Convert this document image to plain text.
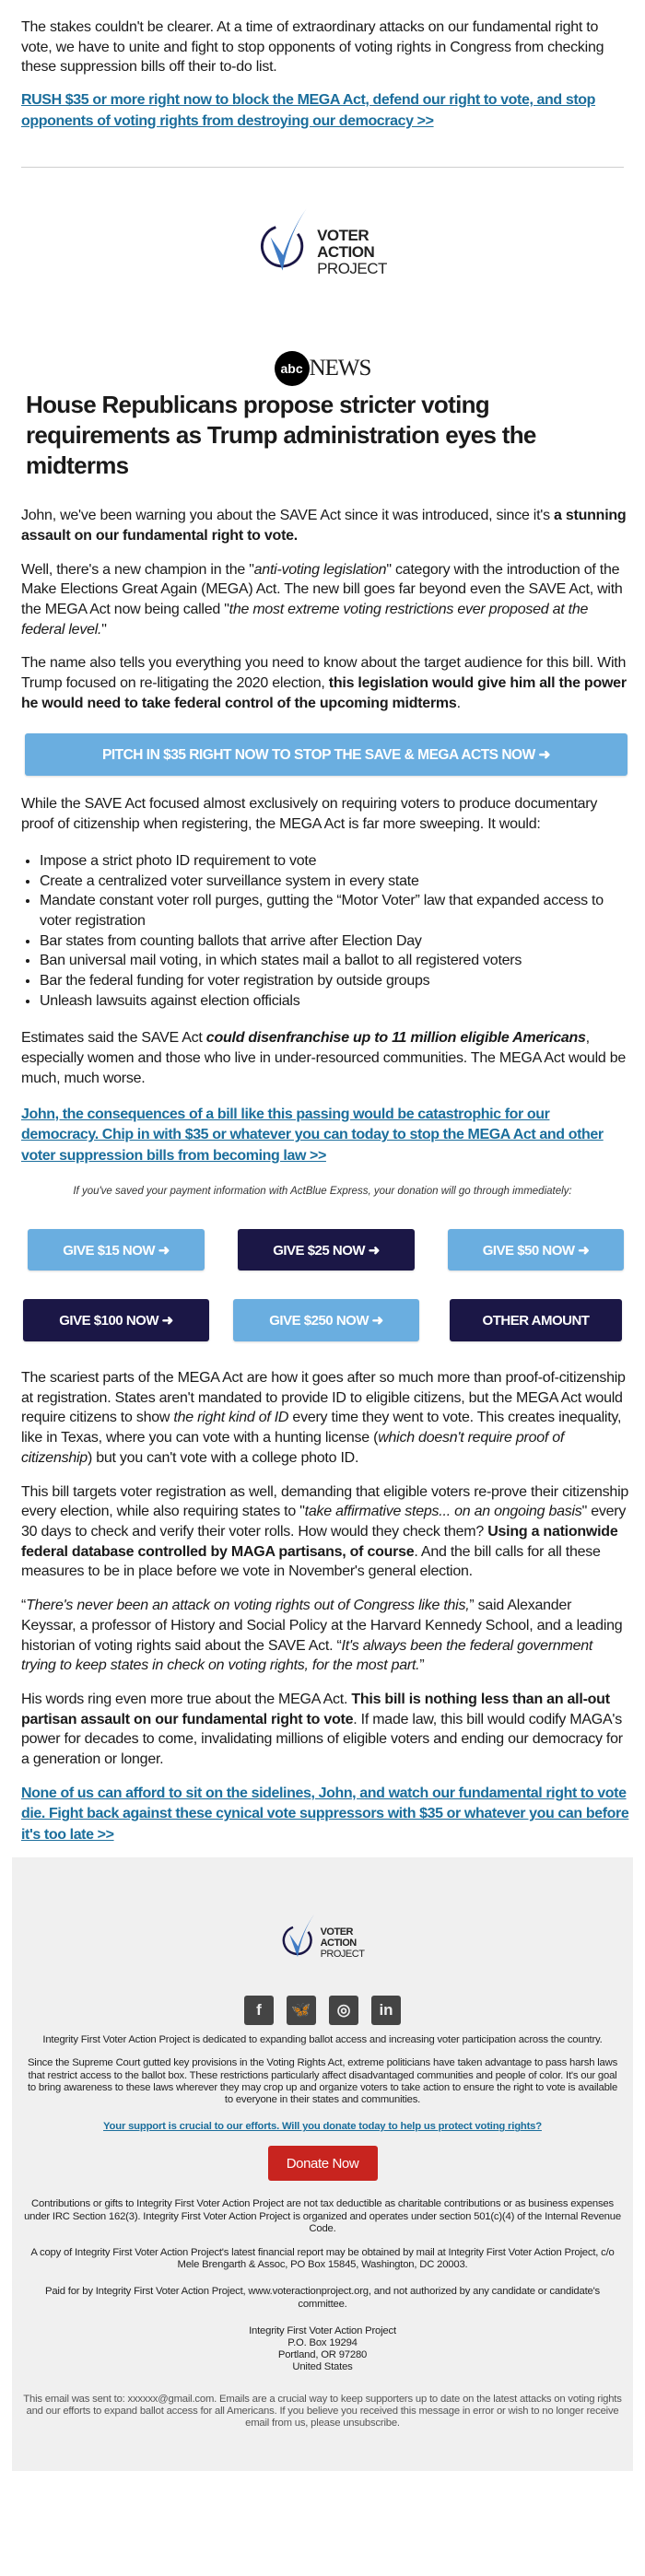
The stakes couldn't be clearer. At a time of extraordinary attacks on our fundamental right to vote, we have to unite and fight to stop opponents of voting rights in Congress from checking these suppression bills off their to-do list.

RUSH $35 or more right now to block the MEGA Act, defend our right to vote, and stop opponents of voting rights from destroying our democracy >>

VOTER
ACTION
PROJECT
abc NEWS
House Republicans propose stricter voting requirements as Trump administration eyes the midterms

John, we've been warning you about the SAVE Act since it was introduced, since it's a stunning assault on our fundamental right to vote.

Well, there's a new champion in the "anti-voting legislation" category with the introduction of the Make Elections Great Again (MEGA) Act. The new bill goes far beyond even the SAVE Act, with the MEGA Act now being called "the most extreme voting restrictions ever proposed at the federal level."

The name also tells you everything you need to know about the target audience for this bill. With Trump focused on re-litigating the 2020 election, this legislation would give him all the power he would need to take federal control of the upcoming midterms.

PITCH IN $35 RIGHT NOW TO STOP THE SAVE & MEGA ACTS NOW ➜

While the SAVE Act focused almost exclusively on requiring voters to produce documentary proof of citizenship when registering, the MEGA Act is far more sweeping. It would:

• Impose a strict photo ID requirement to vote
• Create a centralized voter surveillance system in every state
• Mandate constant voter roll purges, gutting the “Motor Voter” law that expanded access to voter registration
• Bar states from counting ballots that arrive after Election Day
• Ban universal mail voting, in which states mail a ballot to all registered voters
• Bar the federal funding for voter registration by outside groups
• Unleash lawsuits against election officials

Estimates said the SAVE Act could disenfranchise up to 11 million eligible Americans, especially women and those who live in under-resourced communities. The MEGA Act would be much, much worse.

John, the consequences of a bill like this passing would be catastrophic for our democracy. Chip in with $35 or whatever you can today to stop the MEGA Act and other voter suppression bills from becoming law >>

If you've saved your payment information with ActBlue Express, your donation will go through immediately:

GIVE $15 NOW ➜	GIVE $25 NOW ➜	GIVE $50 NOW ➜
GIVE $100 NOW ➜	GIVE $250 NOW ➜	OTHER AMOUNT

The scariest parts of the MEGA Act are how it goes after so much more than proof-of-citizenship at registration. States aren't mandated to provide ID to eligible citizens, but the MEGA Act would require citizens to show the right kind of ID every time they went to vote. This creates inequality, like in Texas, where you can vote with a hunting license (which doesn't require proof of citizenship) but you can't vote with a college photo ID.

This bill targets voter registration as well, demanding that eligible voters re-prove their citizenship every election, while also requiring states to "take affirmative steps... on an ongoing basis" every 30 days to check and verify their voter rolls. How would they check them? Using a nationwide federal database controlled by MAGA partisans, of course. And the bill calls for all these measures to be in place before we vote in November's general election.

“There's never been an attack on voting rights out of Congress like this,” said Alexander Keyssar, a professor of History and Social Policy at the Harvard Kennedy School, and a leading historian of voting rights said about the SAVE Act. “It's always been the federal government trying to keep states in check on voting rights, for the most part.”

His words ring even more true about the MEGA Act. This bill is nothing less than an all-out partisan assault on our fundamental right to vote. If made law, this bill would codify MAGA's power for decades to come, invalidating millions of eligible voters and ending our democracy for a generation or longer.

None of us can afford to sit on the sidelines, John, and watch our fundamental right to vote die. Fight back against these cynical vote suppressors with $35 or whatever you can before it's too late >>

VOTER
ACTION
PROJECT
f	🦋	◎	in

Integrity First Voter Action Project is dedicated to expanding ballot access and increasing voter participation across the country.

Since the Supreme Court gutted key provisions in the Voting Rights Act, extreme politicians have taken advantage to pass harsh laws that restrict access to the ballot box. These restrictions particularly affect disadvantaged communities and people of color. It's our goal to bring awareness to these laws wherever they may crop up and organize voters to take action to ensure the right to vote is available to everyone in their states and communities.

Your support is crucial to our efforts. Will you donate today to help us protect voting rights?

Donate Now

Contributions or gifts to Integrity First Voter Action Project are not tax deductible as charitable contributions or as business expenses under IRC Section 162(3). Integrity First Voter Action Project is organized and operates under section 501(c)(4) of the Internal Revenue Code.

A copy of Integrity First Voter Action Project's latest financial report may be obtained by mail at Integrity First Voter Action Project, c/o Mele Brengarth & Assoc, PO Box 15845, Washington, DC 20003.

Paid for by Integrity First Voter Action Project, www.voteractionproject.org, and not authorized by any candidate or candidate's committee.

Integrity First Voter Action Project
P.O. Box 19294
Portland, OR 97280
United States

This email was sent to: xxxxxx@gmail.com. Emails are a crucial way to keep supporters up to date on the latest attacks on voting rights and our efforts to expand ballot access for all Americans. If you believe you received this message in error or wish to no longer receive email from us, please unsubscribe.
